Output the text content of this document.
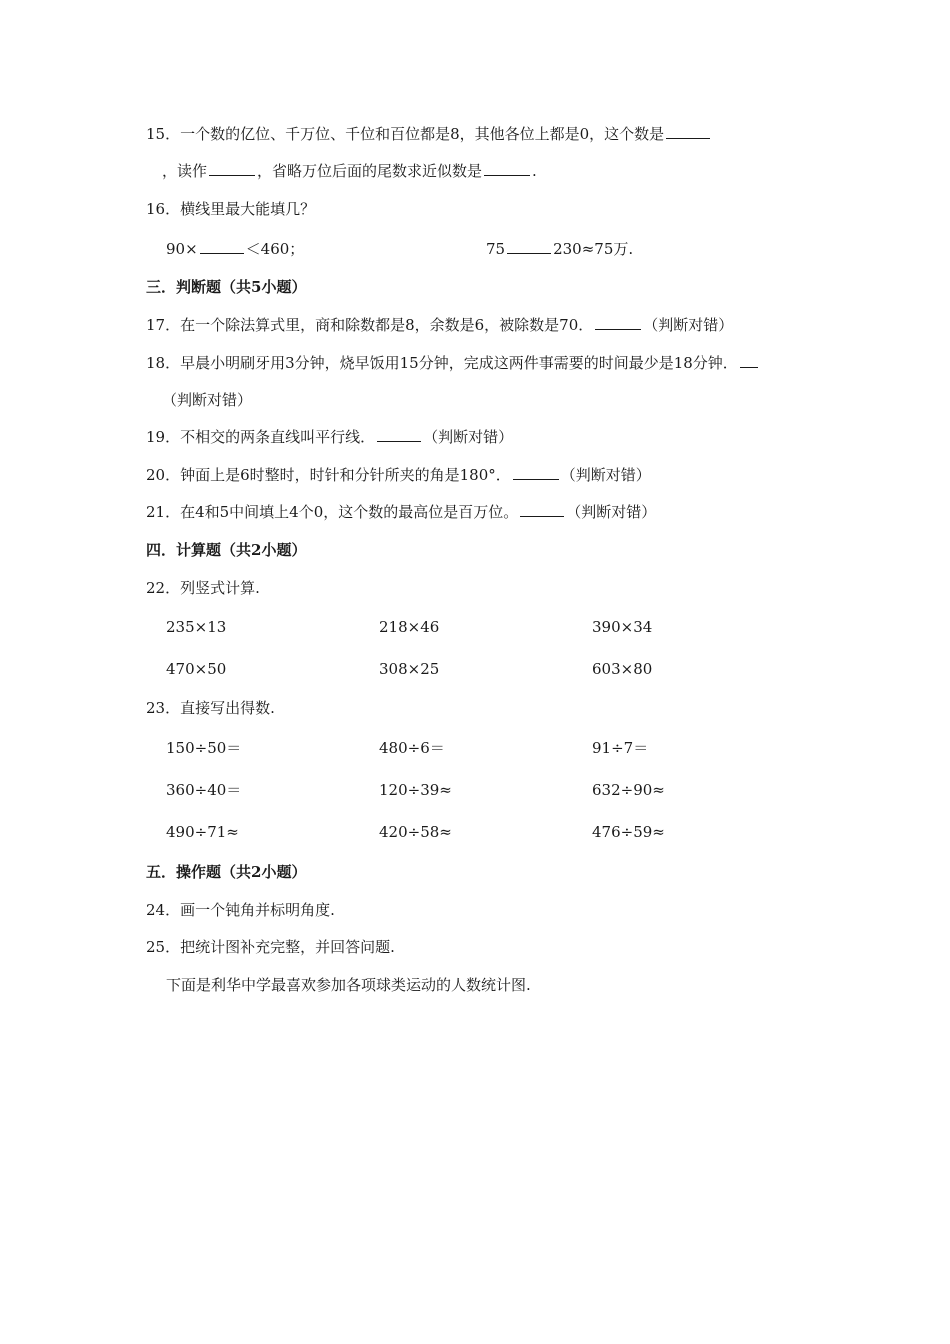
15．一个数的亿位、千万位、千位和百位都是8，其他各位上都是0，这个数是
，读作	，省略万位后面的尾数求近似数是	.
16．横线里最大能填几？
90×	＜460；	75	230≈75万.
三．判断题（共5小题）
17．在一个除法算式里，商和除数都是8，余数是6，被除数是70．	（判断对错）
18．早晨小明刷牙用3分钟，烧早饭用15分钟，完成这两件事需要的时间最少是18分钟．
（判断对错）
19．不相交的两条直线叫平行线．	（判断对错）
20．钟面上是6时整时，时针和分针所夹的角是180°．	（判断对错）
21．在4和5中间填上4个0，这个数的最高位是百万位。	（判断对错）
四．计算题（共2小题）
22．列竖式计算.
235×13	218×46	390×34
470×50	308×25	603×80
23．直接写出得数.
150÷50＝	480÷6＝	91÷7＝
360÷40＝	120÷39≈	632÷90≈
490÷71≈	420÷58≈	476÷59≈
五．操作题（共2小题）
24．画一个钝角并标明角度.
25．把统计图补充完整，并回答问题.
下面是利华中学最喜欢参加各项球类运动的人数统计图.
